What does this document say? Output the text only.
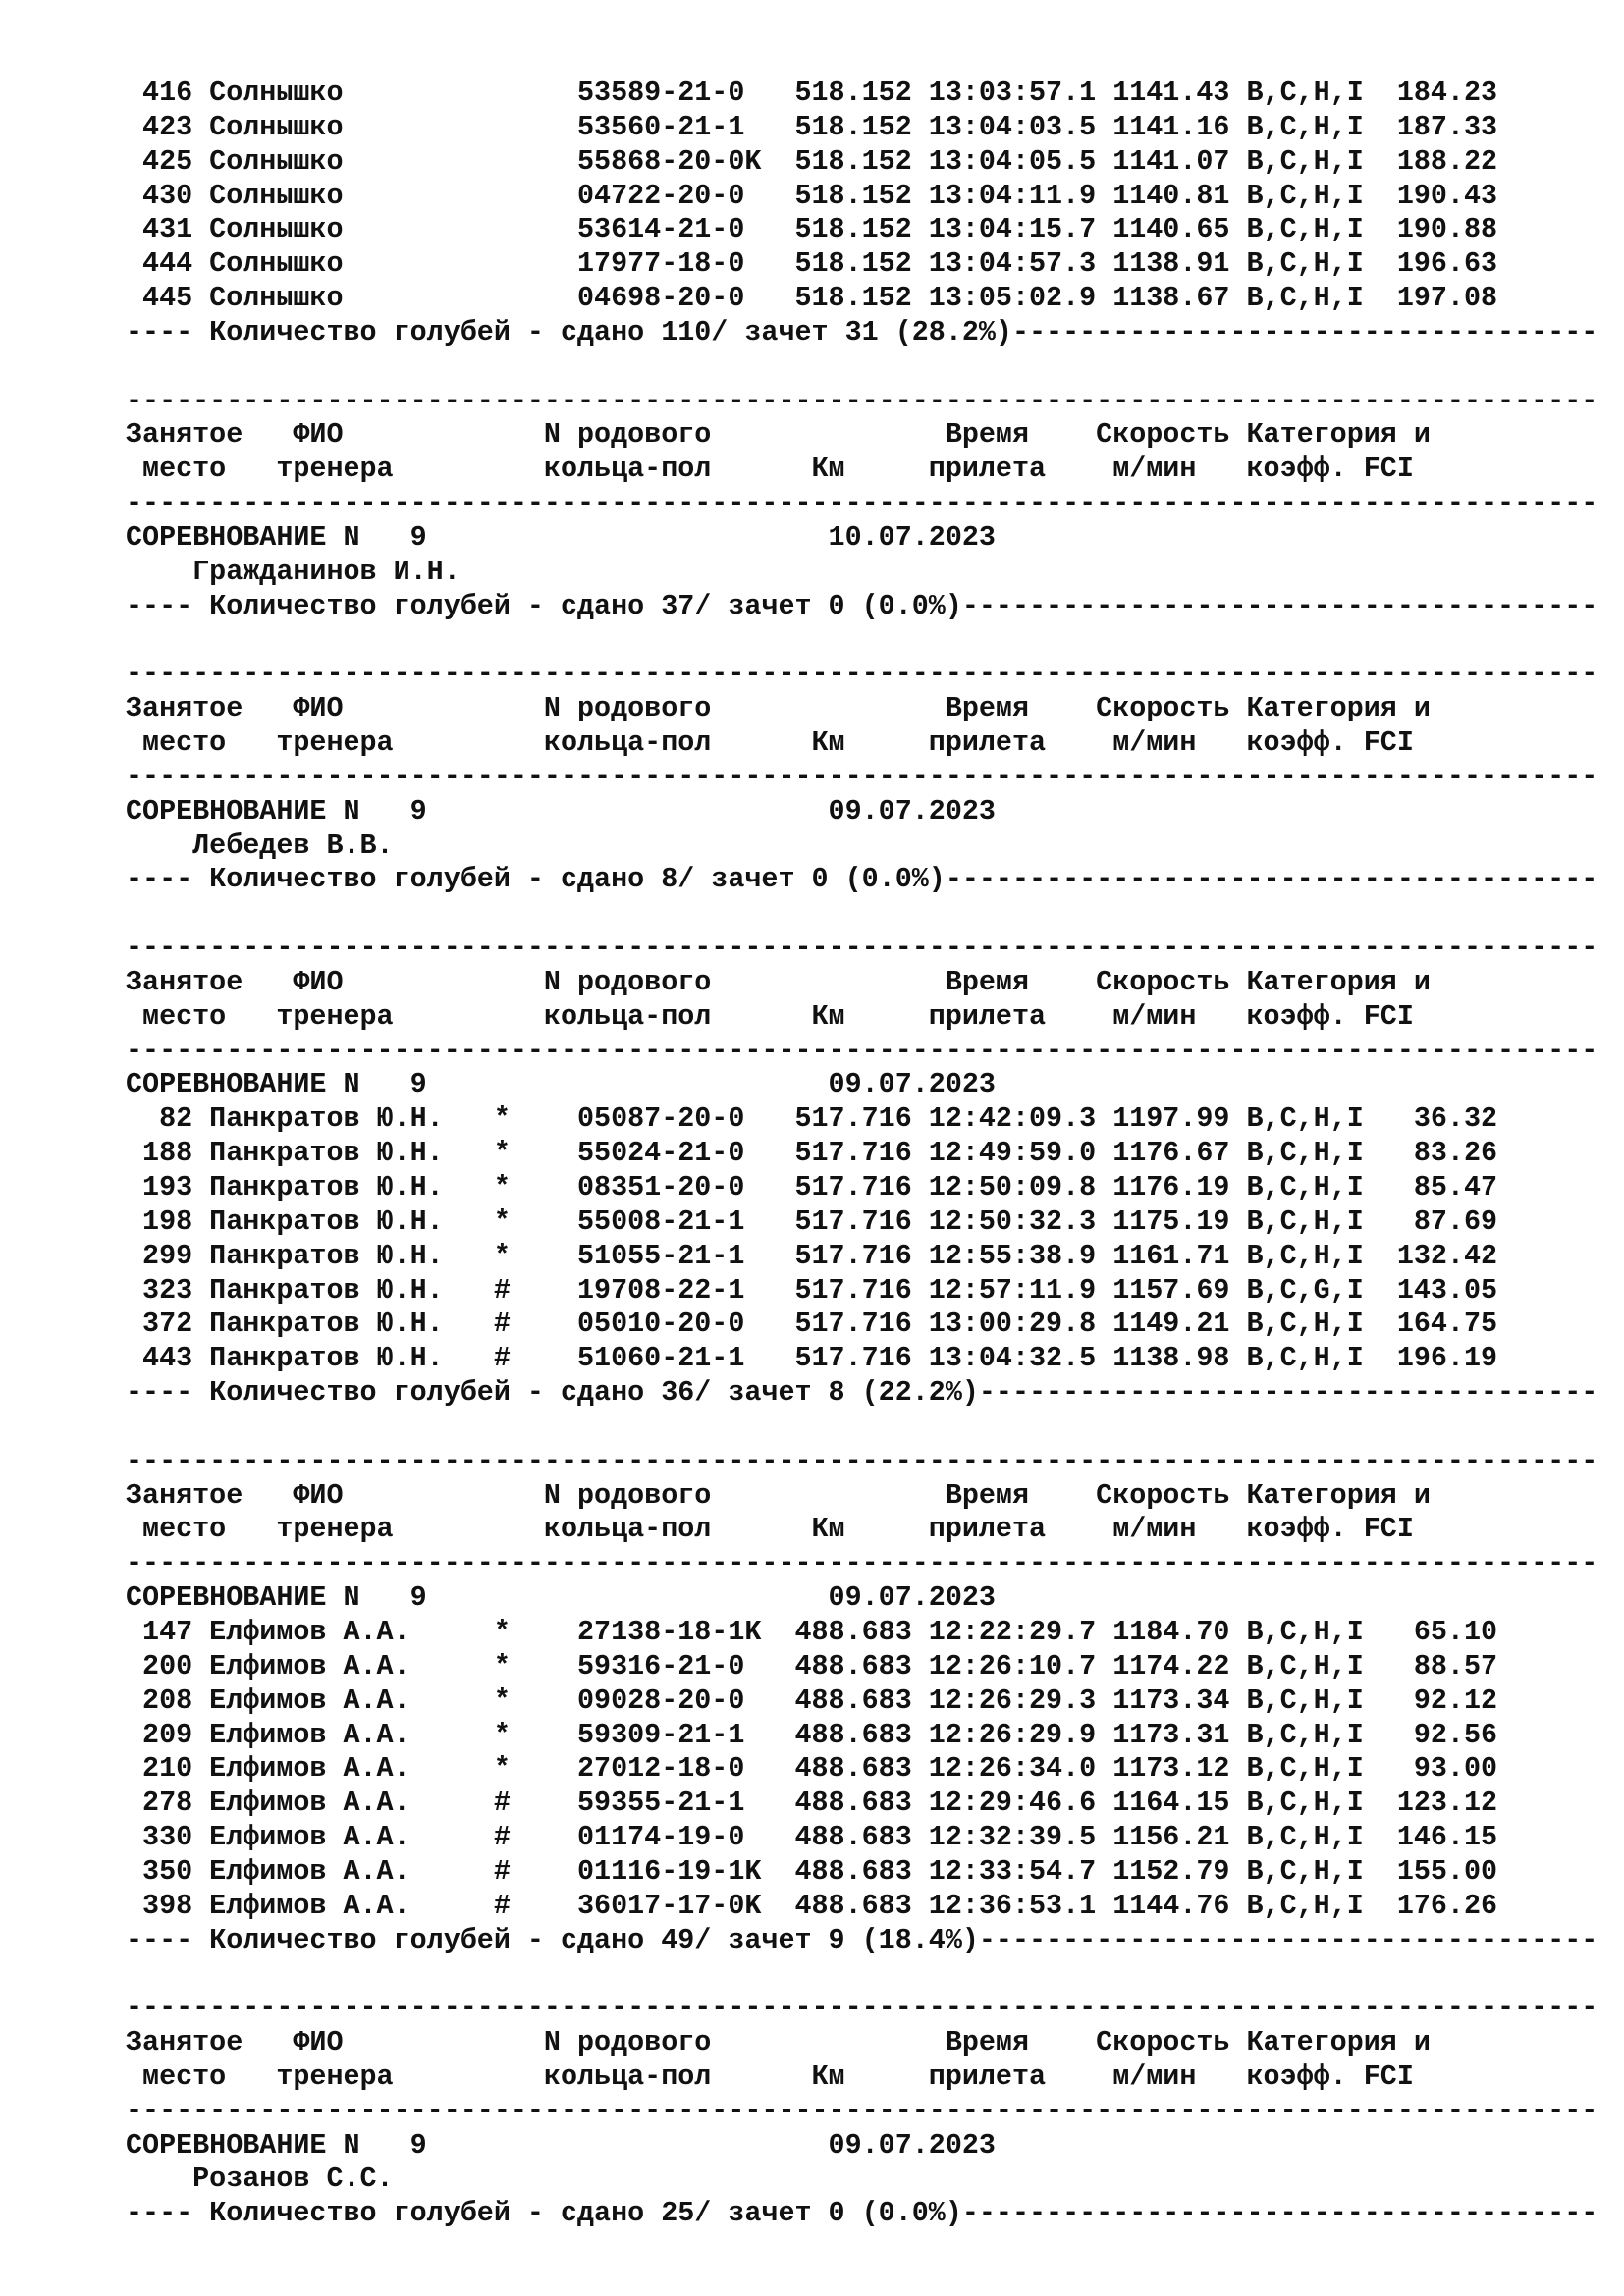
416 Солнышко              53589-21-0   518.152 13:03:57.1 1141.43 B,C,H,I  184.23
423 Солнышко              53560-21-1   518.152 13:04:03.5 1141.16 B,C,H,I  187.33
425 Солнышко              55868-20-0K  518.152 13:04:05.5 1141.07 B,C,H,I  188.22
430 Солнышко              04722-20-0   518.152 13:04:11.9 1140.81 B,C,H,I  190.43
431 Солнышко              53614-21-0   518.152 13:04:15.7 1140.65 B,C,H,I  190.88
444 Солнышко              17977-18-0   518.152 13:04:57.3 1138.91 B,C,H,I  196.63
445 Солнышко              04698-20-0   518.152 13:05:02.9 1138.67 B,C,H,I  197.08
---- Количество голубей - сдано 110/ зачет 31 (28.2%)-----------------------------------
----------------------------------------------------------------------------------------
Занятое   ФИО            N родового              Время    Скорость Категория и
место   тренера         кольца-пол      Км     прилета    м/мин   коэфф. FCI
----------------------------------------------------------------------------------------
СОРЕВНОВАНИЕ N   9                        10.07.2023
Гражданинов И.Н.
---- Количество голубей - сдано 37/ зачет 0 (0.0%)--------------------------------------
----------------------------------------------------------------------------------------
Занятое   ФИО            N родового              Время    Скорость Категория и
место   тренера         кольца-пол      Км     прилета    м/мин   коэфф. FCI
----------------------------------------------------------------------------------------
СОРЕВНОВАНИЕ N   9                        09.07.2023
Лебедев В.В.
---- Количество голубей - сдано 8/ зачет 0 (0.0%)---------------------------------------
----------------------------------------------------------------------------------------
Занятое   ФИО            N родового              Время    Скорость Категория и
место   тренера         кольца-пол      Км     прилета    м/мин   коэфф. FCI
----------------------------------------------------------------------------------------
СОРЕВНОВАНИЕ N   9                        09.07.2023
82 Панкратов Ю.Н.   *    05087-20-0   517.716 12:42:09.3 1197.99 B,C,H,I   36.32
188 Панкратов Ю.Н.   *    55024-21-0   517.716 12:49:59.0 1176.67 B,C,H,I   83.26
193 Панкратов Ю.Н.   *    08351-20-0   517.716 12:50:09.8 1176.19 B,C,H,I   85.47
198 Панкратов Ю.Н.   *    55008-21-1   517.716 12:50:32.3 1175.19 B,C,H,I   87.69
299 Панкратов Ю.Н.   *    51055-21-1   517.716 12:55:38.9 1161.71 B,C,H,I  132.42
323 Панкратов Ю.Н.   #    19708-22-1   517.716 12:57:11.9 1157.69 B,C,G,I  143.05
372 Панкратов Ю.Н.   #    05010-20-0   517.716 13:00:29.8 1149.21 B,C,H,I  164.75
443 Панкратов Ю.Н.   #    51060-21-1   517.716 13:04:32.5 1138.98 B,C,H,I  196.19
---- Количество голубей - сдано 36/ зачет 8 (22.2%)-------------------------------------
----------------------------------------------------------------------------------------
Занятое   ФИО            N родового              Время    Скорость Категория и
место   тренера         кольца-пол      Км     прилета    м/мин   коэфф. FCI
----------------------------------------------------------------------------------------
СОРЕВНОВАНИЕ N   9                        09.07.2023
147 Елфимов А.А.     *    27138-18-1K  488.683 12:22:29.7 1184.70 B,C,H,I   65.10
200 Елфимов А.А.     *    59316-21-0   488.683 12:26:10.7 1174.22 B,C,H,I   88.57
208 Елфимов А.А.     *    09028-20-0   488.683 12:26:29.3 1173.34 B,C,H,I   92.12
209 Елфимов А.А.     *    59309-21-1   488.683 12:26:29.9 1173.31 B,C,H,I   92.56
210 Елфимов А.А.     *    27012-18-0   488.683 12:26:34.0 1173.12 B,C,H,I   93.00
278 Елфимов А.А.     #    59355-21-1   488.683 12:29:46.6 1164.15 B,C,H,I  123.12
330 Елфимов А.А.     #    01174-19-0   488.683 12:32:39.5 1156.21 B,C,H,I  146.15
350 Елфимов А.А.     #    01116-19-1K  488.683 12:33:54.7 1152.79 B,C,H,I  155.00
398 Елфимов А.А.     #    36017-17-0K  488.683 12:36:53.1 1144.76 B,C,H,I  176.26
---- Количество голубей - сдано 49/ зачет 9 (18.4%)-------------------------------------
----------------------------------------------------------------------------------------
Занятое   ФИО            N родового              Время    Скорость Категория и
место   тренера         кольца-пол      Км     прилета    м/мин   коэфф. FCI
----------------------------------------------------------------------------------------
СОРЕВНОВАНИЕ N   9                        09.07.2023
Розанов С.С.
---- Количество голубей - сдано 25/ зачет 0 (0.0%)--------------------------------------
